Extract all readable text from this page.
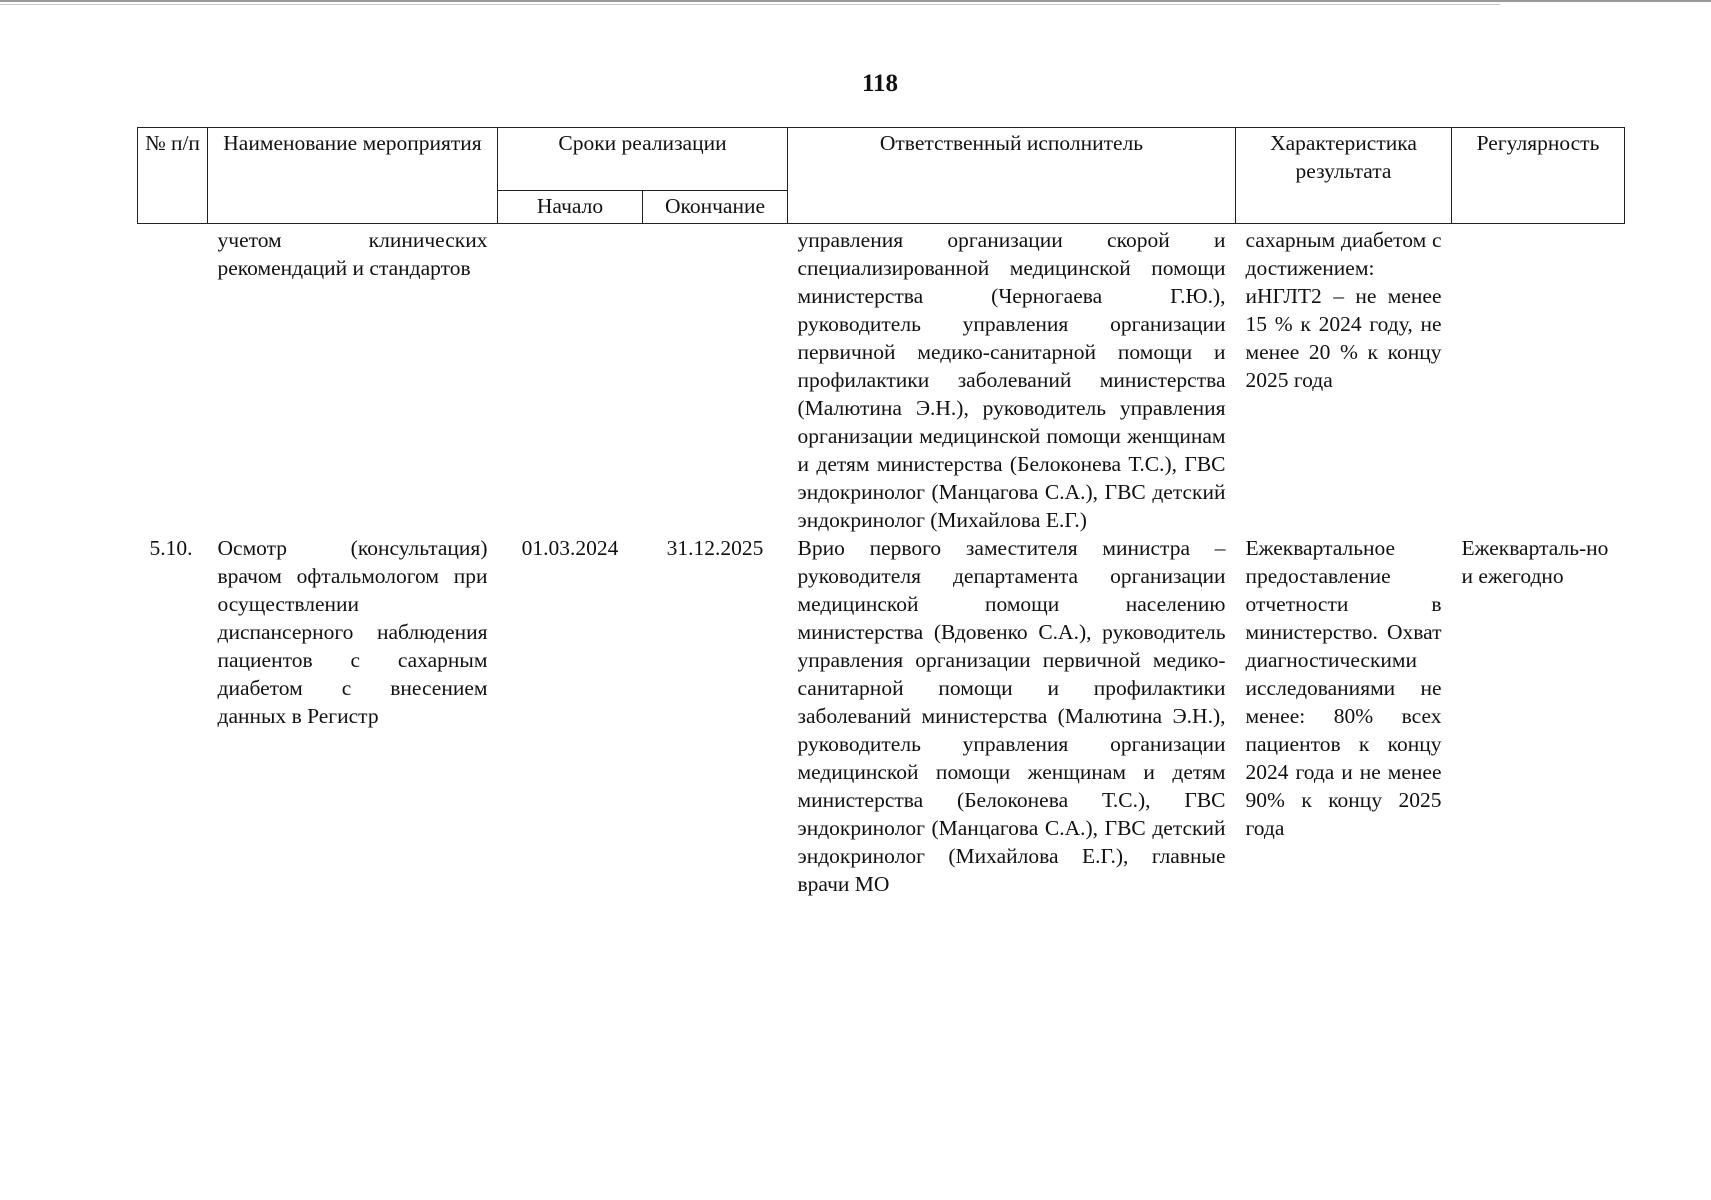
118
№ п/п	Наименование мероприятия	Сроки реализации		Ответственный исполнитель	Характеристика результата	Регулярность
		Начало	Окончание			
	учетом клинических рекомендаций и стандартов			управления организации скорой и специализированной медицинской помощи министерства (Черногаева Г.Ю.), руководитель управления организации первичной медико-санитарной помощи и профилактики заболеваний министерства (Малютина Э.Н.), руководитель управления организации медицинской помощи женщинам и детям министерства (Белоконева Т.С.), ГВС эндокринолог (Манцагова С.А.), ГВС детский эндокринолог (Михайлова Е.Г.)	сахарным диабетом с достижением: иНГЛТ2 – не менее 15 % к 2024 году, не менее 20 % к концу 2025 года	
5.10.	Осмотр (консультация) врачом офтальмологом при осуществлении диспансерного наблюдения пациентов с сахарным диабетом с внесением данных в Регистр	01.03.2024	31.12.2025	Врио первого заместителя министра – руководителя департамента организации медицинской помощи населению министерства (Вдовенко С.А.), руководитель управления организации первичной медико-санитарной помощи и профилактики заболеваний министерства (Малютина Э.Н.), руководитель управления организации медицинской помощи женщинам и детям министерства (Белоконева Т.С.), ГВС эндокринолог (Манцагова С.А.), ГВС детский эндокринолог (Михайлова Е.Г.), главные врачи МО	Ежеквартальное предоставление отчетности в министерство. Охват диагностическими исследованиями не менее: 80% всех пациентов к концу 2024 года и не менее 90% к концу 2025 года	Ежекварталь-но и ежегодно
